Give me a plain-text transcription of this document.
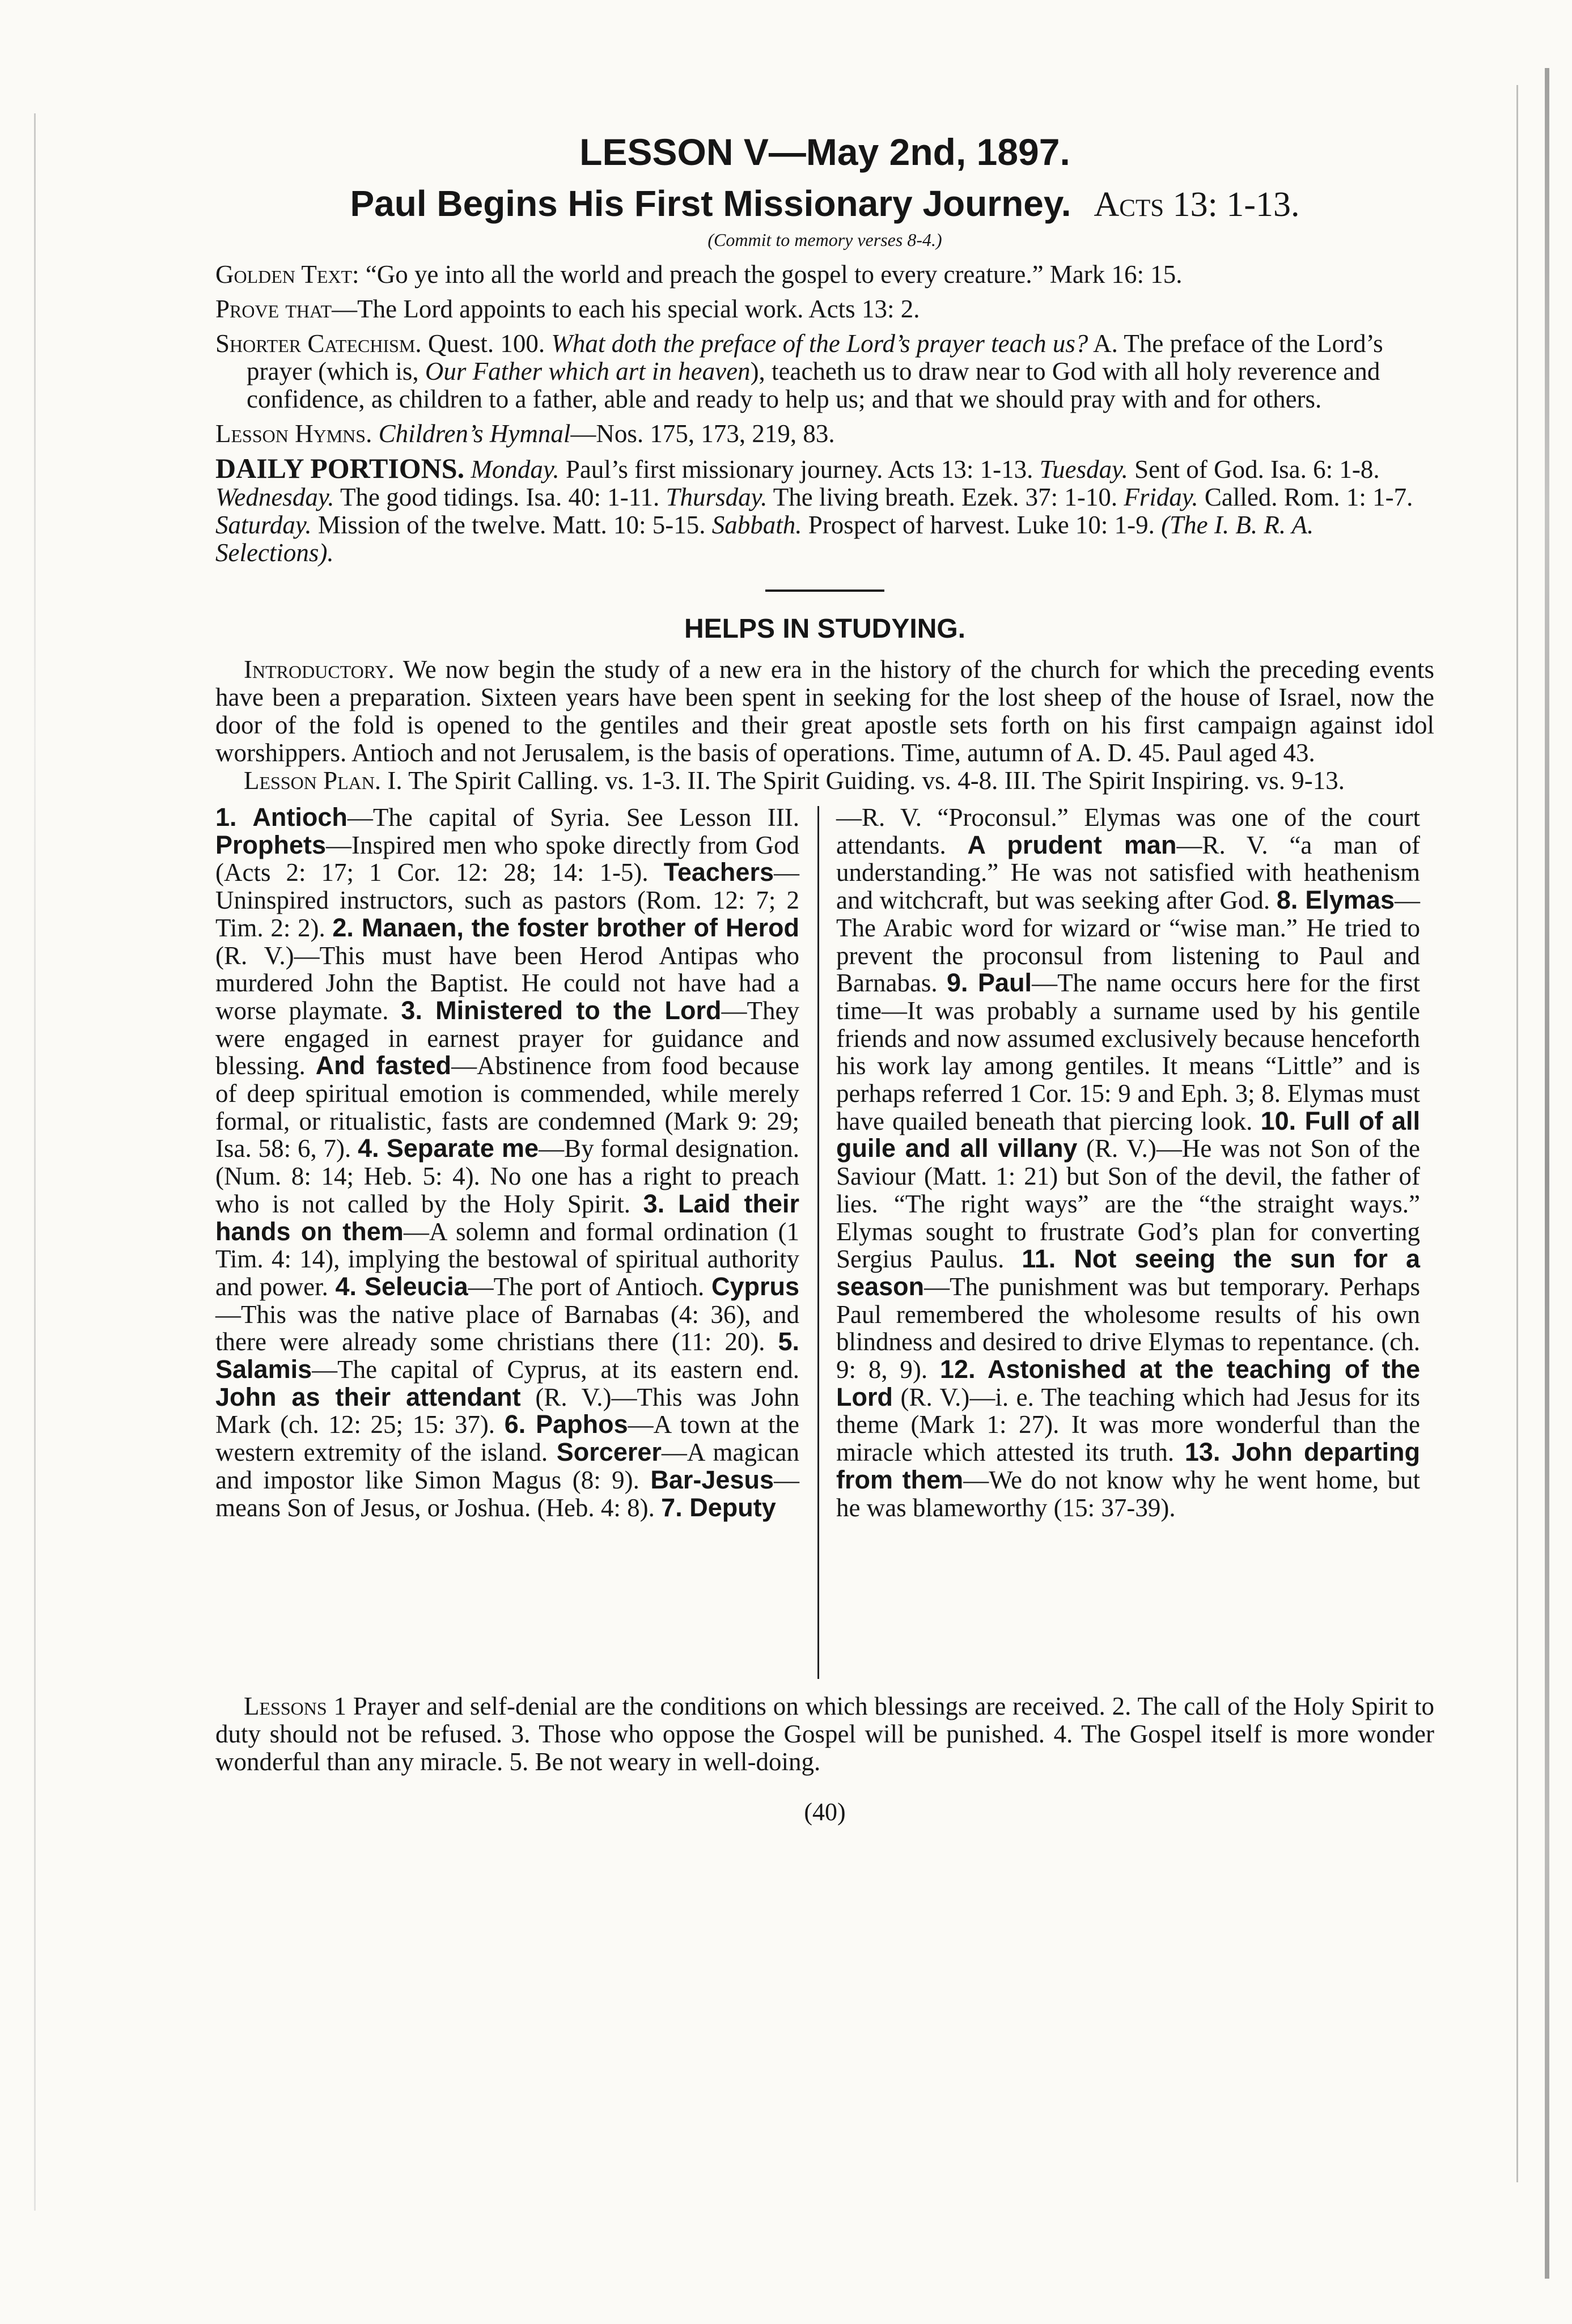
LESSON V—May 2nd, 1897.
Paul Begins His First Missionary Journey. Acts 13: 1-13.
(Commit to memory verses 8-4.)

Golden Text: “Go ye into all the world and preach the gospel to every creature.” Mark 16: 15.

Prove that—The Lord appoints to each his special work. Acts 13: 2.

Shorter Catechism. Quest. 100. What doth the preface of the Lord’s prayer teach us? A. The preface of the Lord’s prayer (which is, Our Father which art in heaven), teacheth us to draw near to God with all holy reverence and confidence, as children to a father, able and ready to help us; and that we should pray with and for others.

Lesson Hymns. Children’s Hymnal—Nos. 175, 173, 219, 83.

DAILY PORTIONS. Monday. Paul’s first missionary journey. Acts 13: 1-13. Tuesday. Sent of God. Isa. 6: 1-8. Wednesday. The good tidings. Isa. 40: 1-11. Thursday. The living breath. Ezek. 37: 1-10. Friday. Called. Rom. 1: 1-7. Saturday. Mission of the twelve. Matt. 10: 5-15. Sabbath. Prospect of harvest. Luke 10: 1-9. (The I. B. R. A. Selections).

HELPS IN STUDYING.

Introductory. We now begin the study of a new era in the history of the church for which the preceding events have been a preparation. Sixteen years have been spent in seeking for the lost sheep of the house of Israel, now the door of the fold is opened to the gentiles and their great apostle sets forth on his first campaign against idol worshippers. Antioch and not Jerusalem, is the basis of operations. Time, autumn of A. D. 45. Paul aged 43.

Lesson Plan. I. The Spirit Calling. vs. 1-3. II. The Spirit Guiding. vs. 4-8. III. The Spirit Inspiring. vs. 9-13.

1. Antioch—The capital of Syria. See Lesson III. Prophets—Inspired men who spoke directly from God (Acts 2: 17; 1 Cor. 12: 28; 14: 1-5). Teachers—Uninspired instructors, such as pastors (Rom. 12: 7; 2 Tim. 2: 2). 2. Manaen, the foster brother of Herod (R. V.)—This must have been Herod Antipas who murdered John the Baptist. He could not have had a worse playmate. 3. Ministered to the Lord—They were engaged in earnest prayer for guidance and blessing. And fasted—Abstinence from food because of deep spiritual emotion is commended, while merely formal, or ritualistic, fasts are condemned (Mark 9: 29; Isa. 58: 6, 7). 4. Separate me—By formal designation. (Num. 8: 14; Heb. 5: 4). No one has a right to preach who is not called by the Holy Spirit. 3. Laid their hands on them—A solemn and formal ordination (1 Tim. 4: 14), implying the bestowal of spiritual authority and power. 4. Seleucia—The port of Antioch. Cyprus—This was the native place of Barnabas (4: 36), and there were already some christians there (11: 20). 5. Salamis—The capital of Cyprus, at its eastern end. John as their attendant (R. V.)—This was John Mark (ch. 12: 25; 15: 37). 6. Paphos—A town at the western extremity of the island. Sorcerer—A magican and impostor like Simon Magus (8: 9). Bar-Jesus—means Son of Jesus, or Joshua. (Heb. 4: 8). 7. Deputy
—R. V. “Proconsul.” Elymas was one of the court attendants. A prudent man—R. V. “a man of understanding.” He was not satisfied with heathenism and witchcraft, but was seeking after God. 8. Elymas—The Arabic word for wizard or “wise man.” He tried to prevent the proconsul from listening to Paul and Barnabas. 9. Paul—The name occurs here for the first time—It was probably a surname used by his gentile friends and now assumed exclusively because henceforth his work lay among gentiles. It means “Little” and is perhaps referred 1 Cor. 15: 9 and Eph. 3; 8. Elymas must have quailed beneath that piercing look. 10. Full of all guile and all villany (R. V.)—He was not Son of the Saviour (Matt. 1: 21) but Son of the devil, the father of lies. “The right ways” are the “the straight ways.” Elymas sought to frustrate God’s plan for converting Sergius Paulus. 11. Not seeing the sun for a season—The punishment was but temporary. Perhaps Paul remembered the wholesome results of his own blindness and desired to drive Elymas to repentance. (ch. 9: 8, 9). 12. Astonished at the teaching of the Lord (R. V.)—i. e. The teaching which had Jesus for its theme (Mark 1: 27). It was more wonderful than the miracle which attested its truth. 13. John departing from them—We do not know why he went home, but he was blameworthy (15: 37-39).

Lessons 1 Prayer and self-denial are the conditions on which blessings are received. 2. The call of the Holy Spirit to duty should not be refused. 3. Those who oppose the Gospel will be punished. 4. The Gospel itself is more wonder wonderful than any miracle. 5. Be not weary in well-doing.

(40)
